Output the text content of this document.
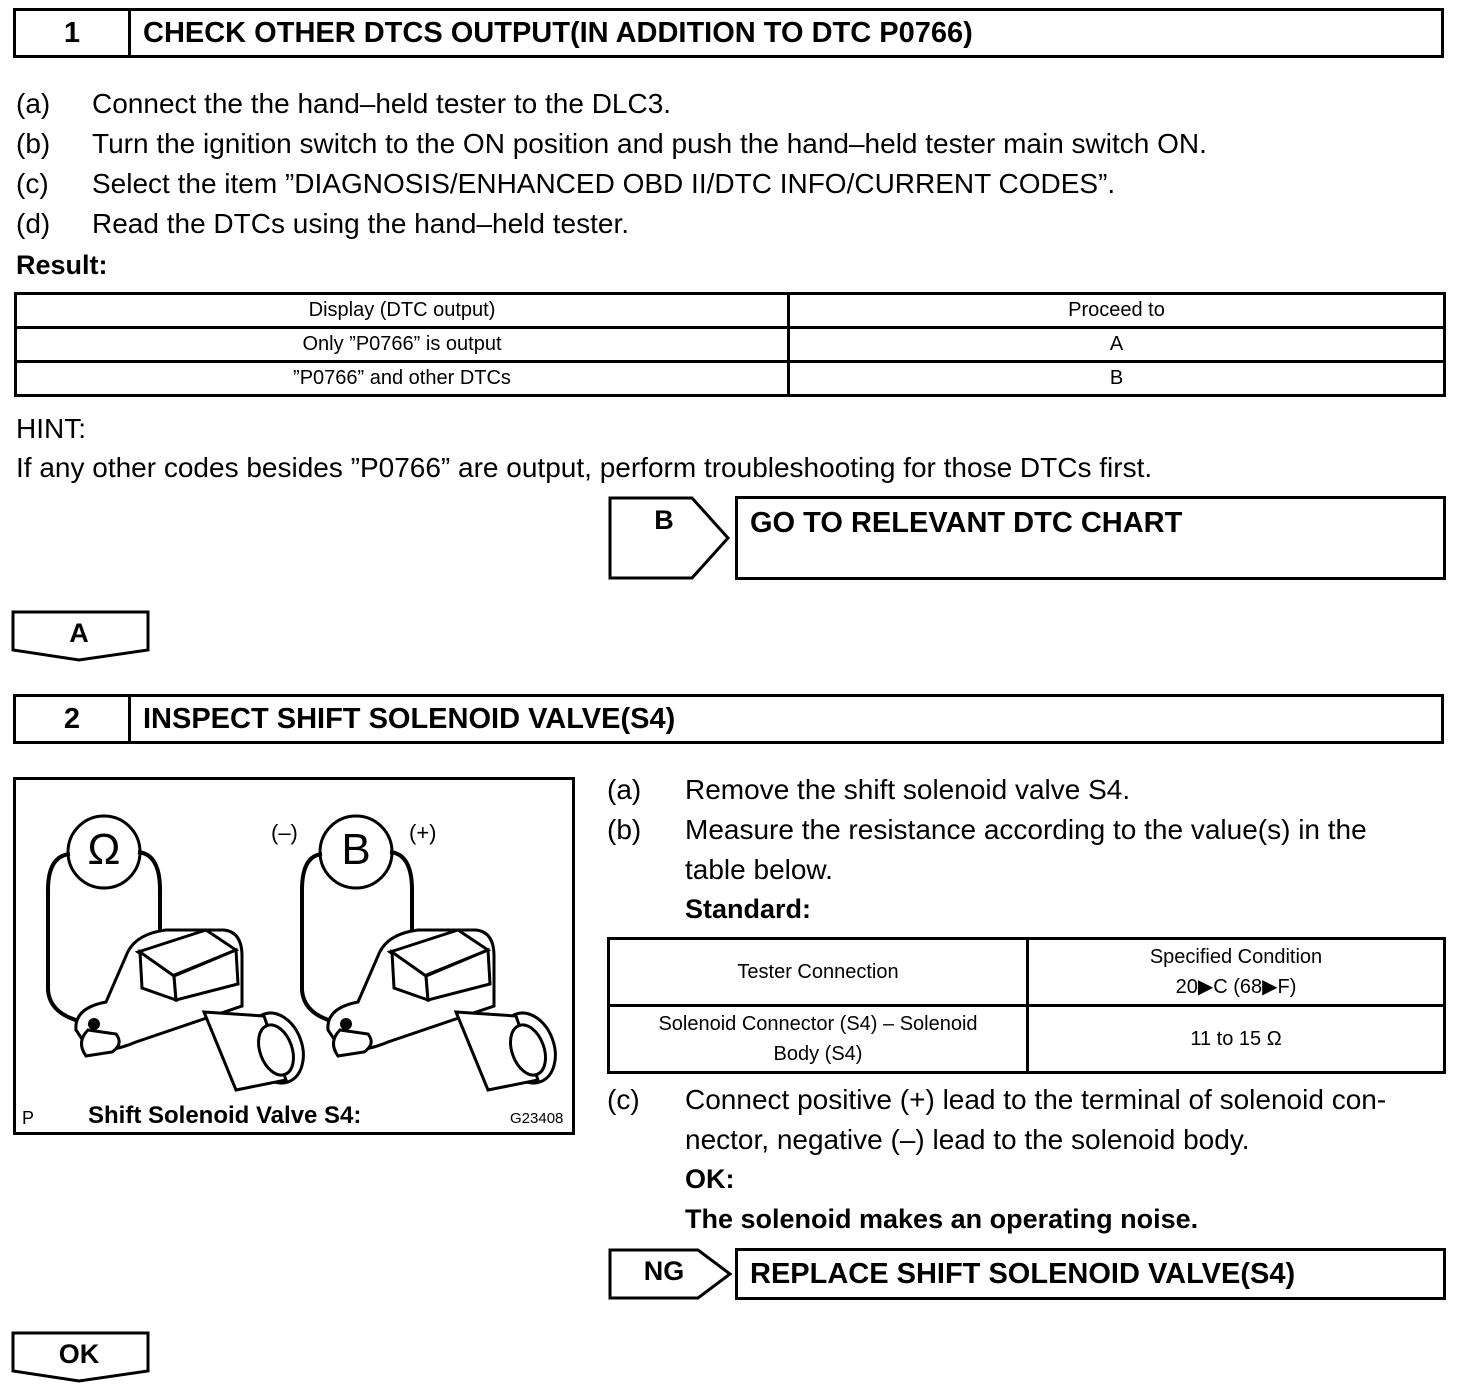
1	CHECK OTHER DTCS OUTPUT(IN ADDITION TO DTC P0766)
(a) Connect the the hand–held tester to the DLC3.
(b) Turn the ignition switch to the ON position and push the hand–held tester main switch ON.
(c) Select the item ”DIAGNOSIS/ENHANCED OBD II/DTC INFO/CURRENT CODES”.
(d) Read the DTCs using the hand–held tester.
Result:
Display (DTC output)	Proceed to
Only ”P0766” is output	A
”P0766” and other DTCs	B
HINT:
If any other codes besides ”P0766” are output, perform troubleshooting for those DTCs first.
B	GO TO RELEVANT DTC CHART
A
2	INSPECT SHIFT SOLENOID VALVE(S4)
Ω	B
(–)	(+)
P Shift Solenoid Valve S4:	G23408
(a) Remove the shift solenoid valve S4.
(b) Measure the resistance according to the value(s) in the
table below.
Standard:
Tester Connection	Specified Condition
20▶C (68▶F)

Solenoid Connector (S4) – Solenoid
Body (S4)	11 to 15 Ω
(c) Connect positive (+) lead to the terminal of solenoid con-
nector, negative (–) lead to the solenoid body.
OK:
The solenoid makes an operating noise.
NG	REPLACE SHIFT SOLENOID VALVE(S4)
OK
